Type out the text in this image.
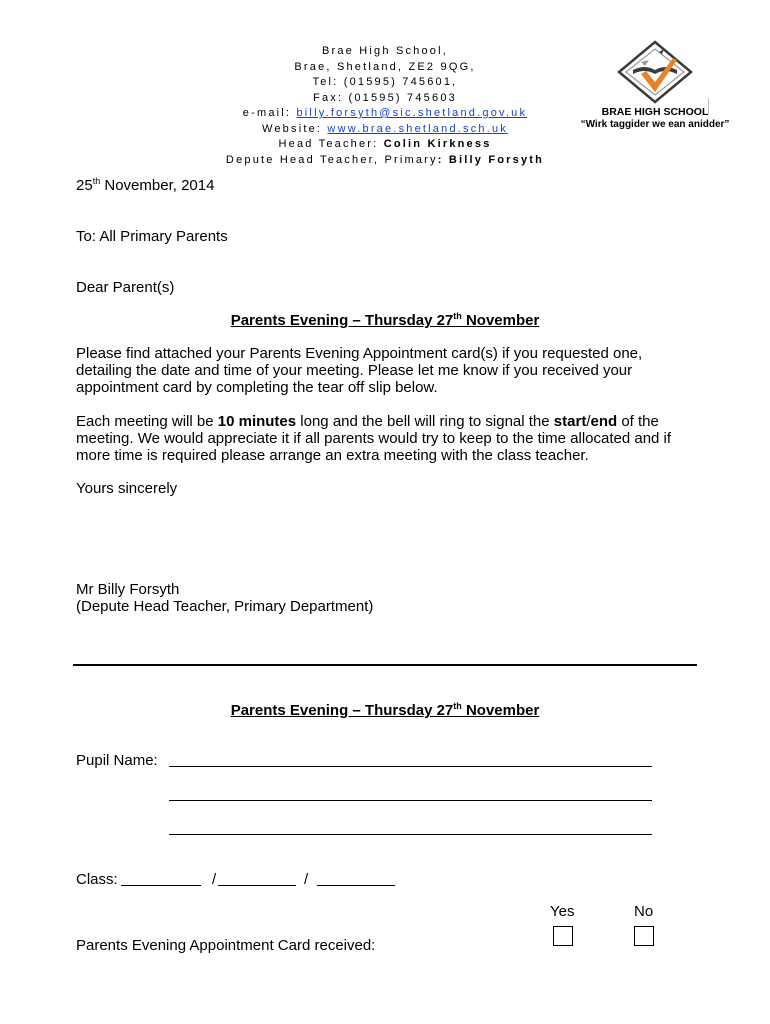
Brae High School,
Brae, Shetland, ZE2 9QG,
Tel: (01595) 745601,
Fax: (01595) 745603
e-mail: billy.forsyth@sic.shetland.gov.uk
Website: www.brae.shetland.sch.uk
Head Teacher: Colin Kirkness
Depute Head Teacher, Primary: Billy Forsyth
BRAE HIGH SCHOOL
“Wirk taggider we ean anidder”
25th November, 2014
To: All Primary Parents
Dear Parent(s)
Parents Evening – Thursday 27th November
Please find attached your Parents Evening Appointment card(s) if you requested one, detailing the date and time of your meeting. Please let me know if you received your appointment card by completing the tear off slip below.
Each meeting will be 10 minutes long and the bell will ring to signal the start/end of the meeting. We would appreciate it if all parents would try to keep to the time allocated and if more time is required please arrange an extra meeting with the class teacher.
Yours sincerely
Mr Billy Forsyth
(Depute Head Teacher, Primary Department)
Parents Evening – Thursday 27th November
Pupil Name:
Class:	/	/
Yes	No
Parents Evening Appointment Card received:
